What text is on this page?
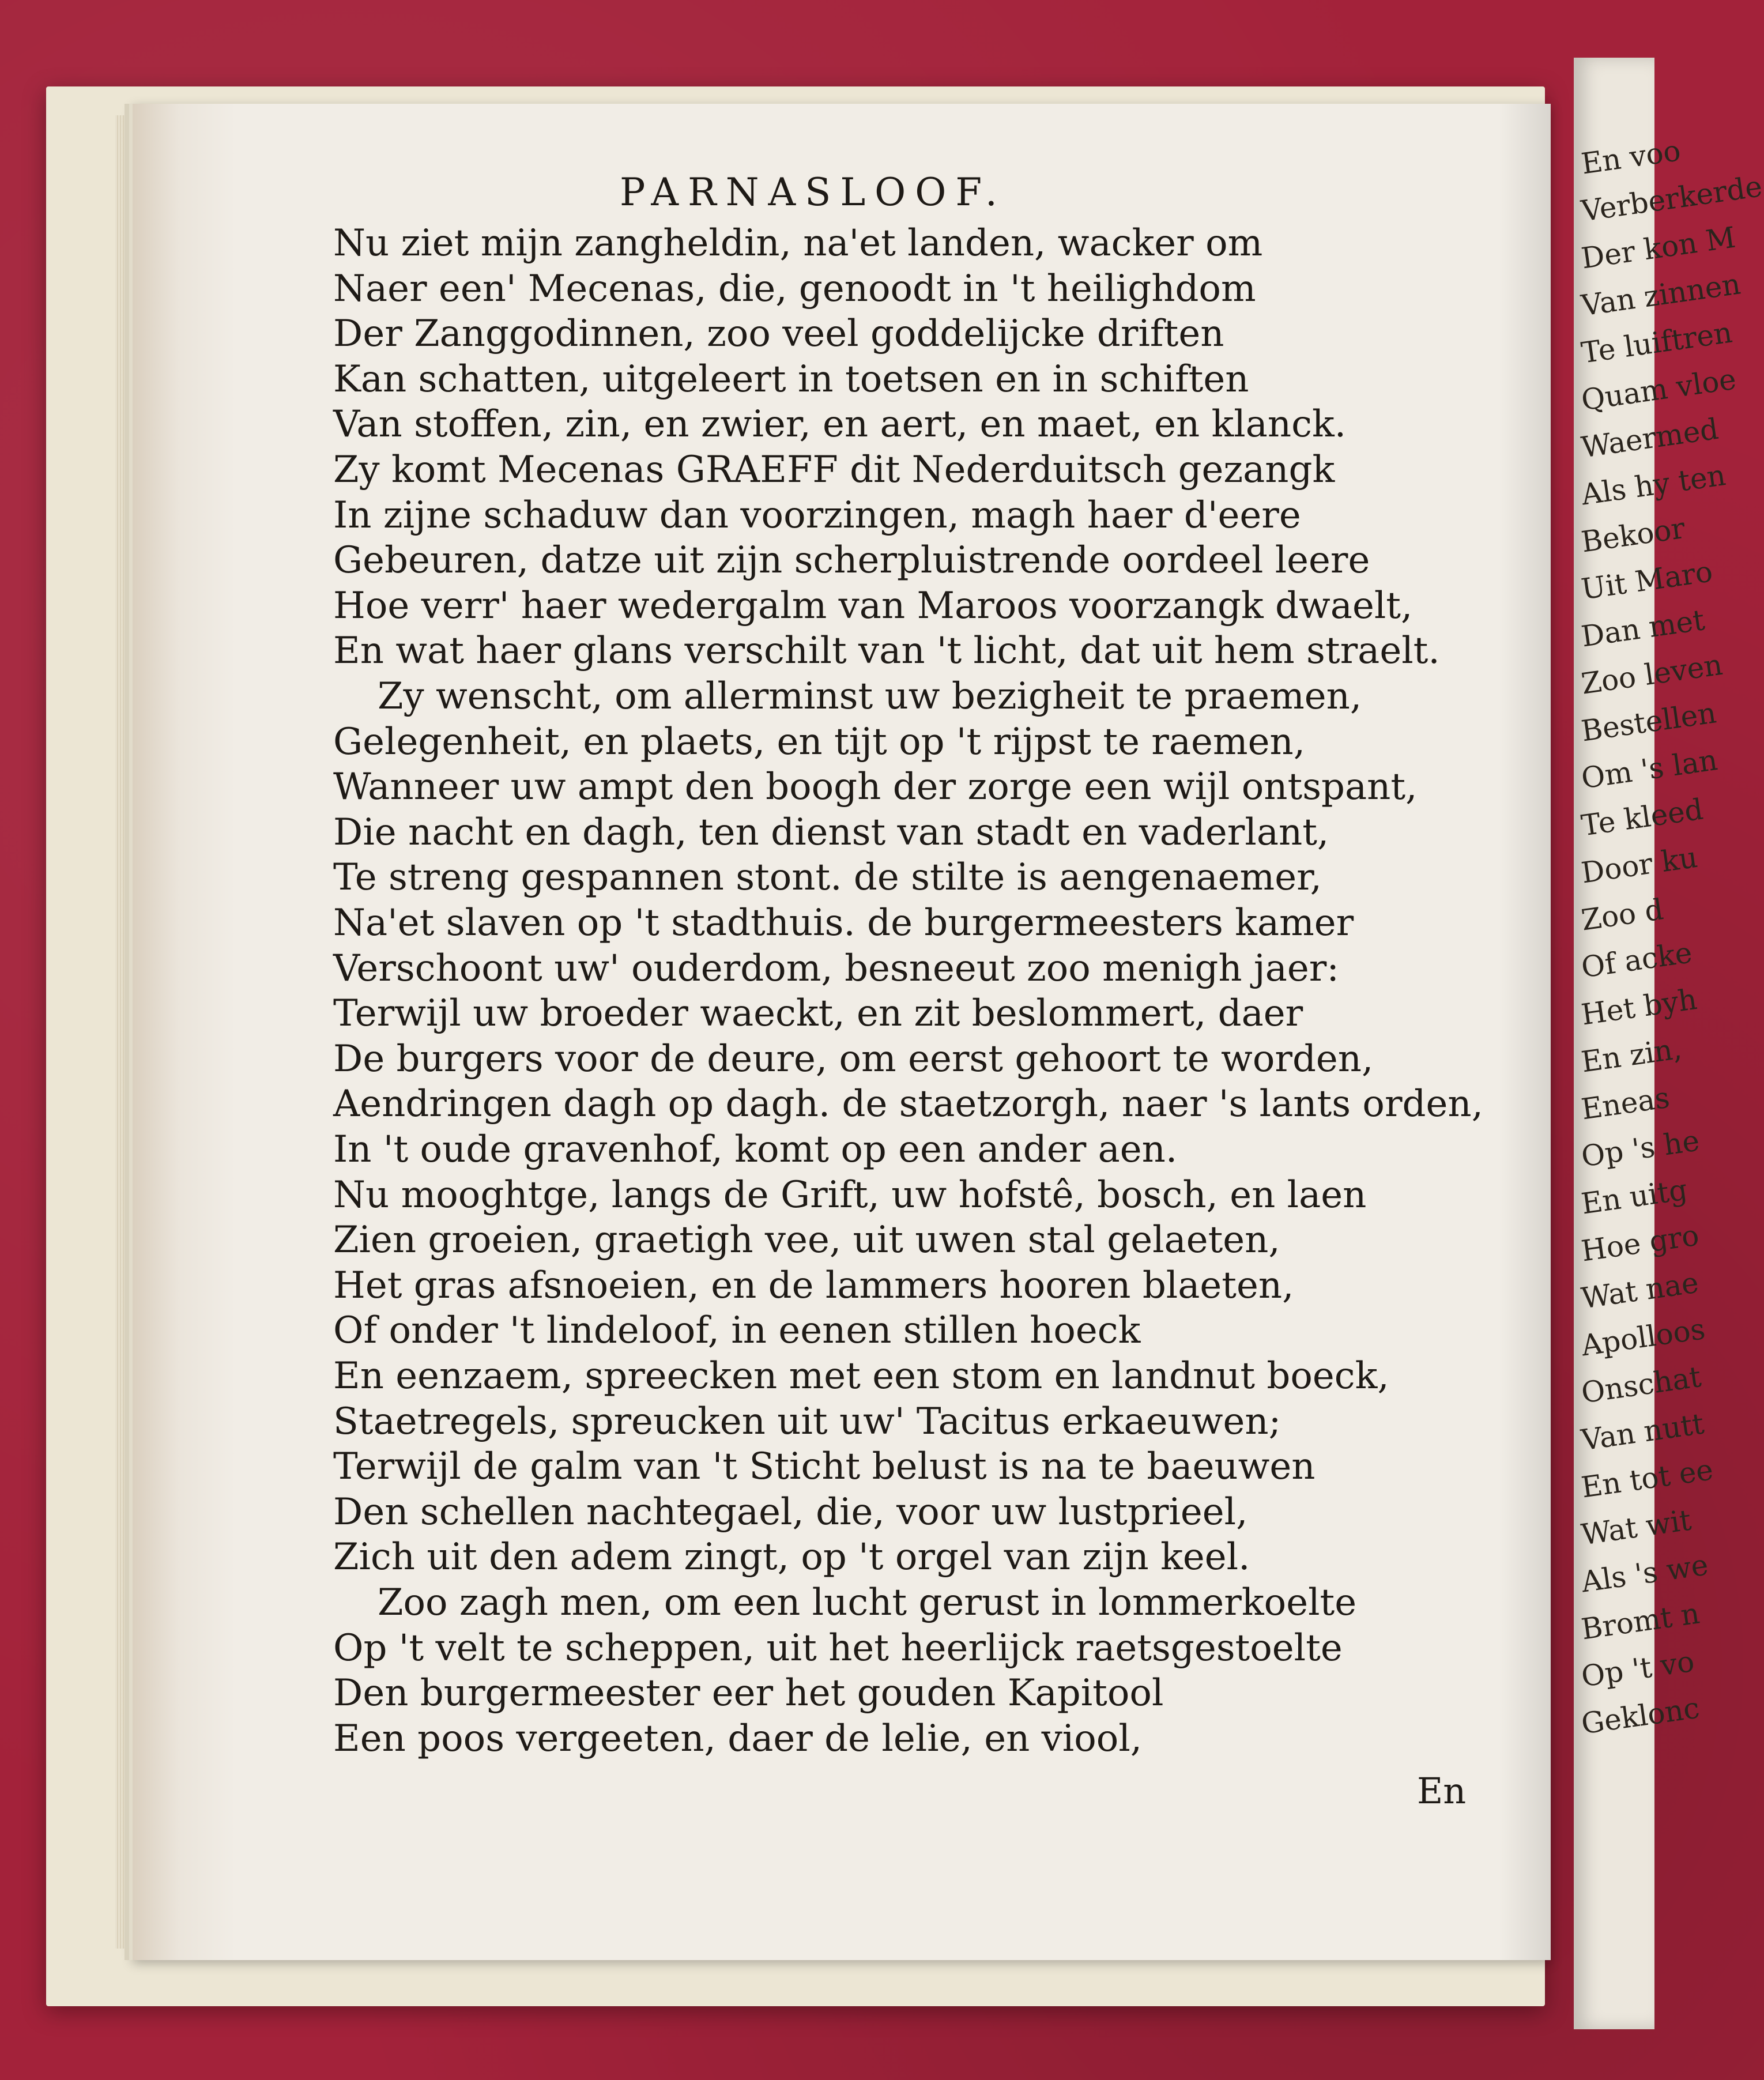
PARNASLOOF.
Nu ziet mijn zangheldin, na'et landen, wacker om
Naer een' Mecenas, die, genoodt in 't heilighdom
Der Zanggodinnen, zoo veel goddelijcke driften
Kan schatten, uitgeleert in toetsen en in schiften
Van stoffen, zin, en zwier, en aert, en maet, en klanck.
Zy komt Mecenas GRAEFF dit Nederduitsch gezangk
In zijne schaduw dan voorzingen, magh haer d'eere
Gebeuren, datze uit zijn scherpluistrende oordeel leere
Hoe verr' haer wedergalm van Maroos voorzangk dwaelt,
En wat haer glans verschilt van 't licht, dat uit hem straelt.
Zy wenscht, om allerminst uw bezigheit te praemen,
Gelegenheit, en plaets, en tijt op 't rijpst te raemen,
Wanneer uw ampt den boogh der zorge een wijl ontspant,
Die nacht en dagh, ten dienst van stadt en vaderlant,
Te streng gespannen stont. de stilte is aengenaemer,
Na'et slaven op 't stadthuis. de burgermeesters kamer
Verschoont uw' ouderdom, besneeut zoo menigh jaer:
Terwijl uw broeder waeckt, en zit beslommert, daer
De burgers voor de deure, om eerst gehoort te worden,
Aendringen dagh op dagh. de staetzorgh, naer 's lants orden,
In 't oude gravenhof, komt op een ander aen.
Nu mooghtge, langs de Grift, uw hofstê, bosch, en laen
Zien groeien, graetigh vee, uit uwen stal gelaeten,
Het gras afsnoeien, en de lammers hooren blaeten,
Of onder 't lindeloof, in eenen stillen hoeck
En eenzaem, spreecken met een stom en landnut boeck,
Staetregels, spreucken uit uw' Tacitus erkaeuwen;
Terwijl de galm van 't Sticht belust is na te baeuwen
Den schellen nachtegael, die, voor uw lustprieel,
Zich uit den adem zingt, op 't orgel van zijn keel.
Zoo zagh men, om een lucht gerust in lommerkoelte
Op 't velt te scheppen, uit het heerlijck raetsgestoelte
Den burgermeester eer het gouden Kapitool
Een poos vergeeten, daer de lelie, en viool,
En
En voo
Verberkerde
Der kon M
Van zinnen
Te luiftren
Quam vloe
Waermed
Als hy ten
Bekoor
Uit Maro
Dan met
Zoo leven
Bestellen
Om 's lan
Te kleed
Door ku
Zoo d
Of acke
Het byh
En zin,
Eneas
Op 's he
En uitg
Hoe gro
Wat nae
Apolloos
Onschat
Van nutt
En tot ee
Wat wit
Als 's we
Bromt n
Op 't vo
Geklonc
